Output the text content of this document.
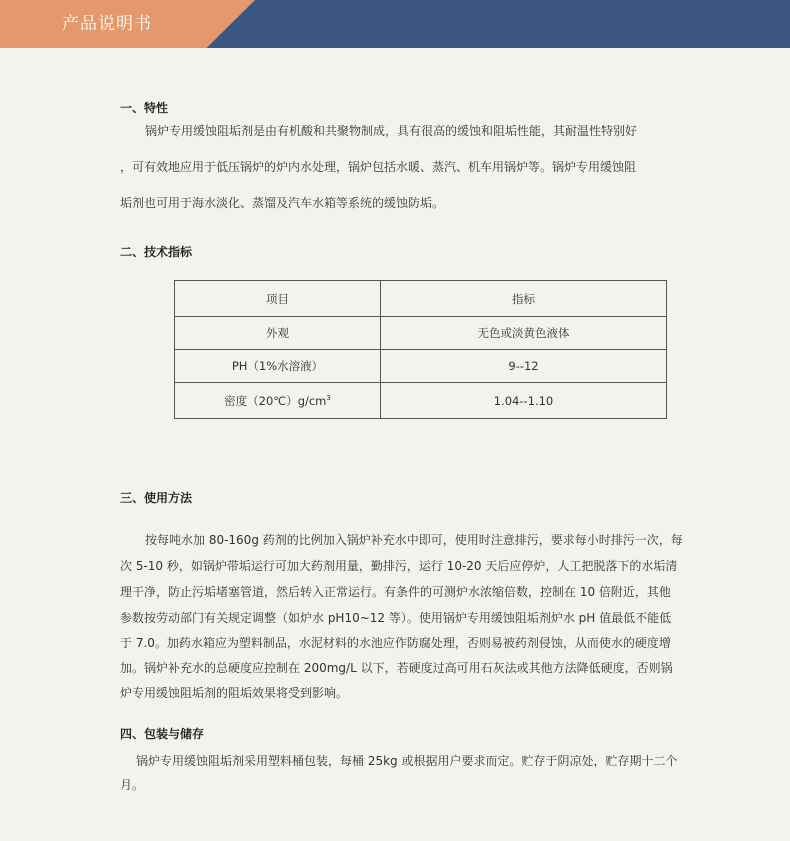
产品说明书
一、特性
锅炉专用缓蚀阻垢剂是由有机酸和共聚物制成，具有很高的缓蚀和阻垢性能，其耐温性特别好
，可有效地应用于低压锅炉的炉内水处理，锅炉包括水暖、蒸汽、机车用锅炉等。锅炉专用缓蚀阻
垢剂也可用于海水淡化、蒸馏及汽车水箱等系统的缓蚀防垢。
二、技术指标
项目	指标
外观	无色或淡黄色液体
PH（1%水溶液）	9--12
密度$(20℃)g/cm^3$	1.04--1.10
三、使用方法
按每吨水加 80-160g 药剂的比例加入锅炉补充水中即可，使用时注意排污，要求每小时排污一次，每
次 5-10 秒，如锅炉带垢运行可加大药剂用量，勤排污，运行 10-20 天后应停炉，人工把脱落下的水垢清
理干净，防止污垢堵塞管道，然后转入正常运行。有条件的可测炉水浓缩倍数，控制在 10 倍附近，其他
参数按劳动部门有关规定调整（如炉水 pH10~12 等）。使用锅炉专用缓蚀阻垢剂炉水 pH 值最低不能低
于 7.0。加药水箱应为塑料制品，水泥材料的水池应作防腐处理，否则易被药剂侵蚀，从而使水的硬度增
加。锅炉补充水的总硬度应控制在 200mg/L 以下，若硬度过高可用石灰法或其他方法降低硬度，否则锅
炉专用缓蚀阻垢剂的阻垢效果将受到影响。
四、包装与储存
锅炉专用缓蚀阻垢剂采用塑料桶包装，每桶 25kg 或根据用户要求而定。贮存于阴凉处，贮存期十二个
月。
